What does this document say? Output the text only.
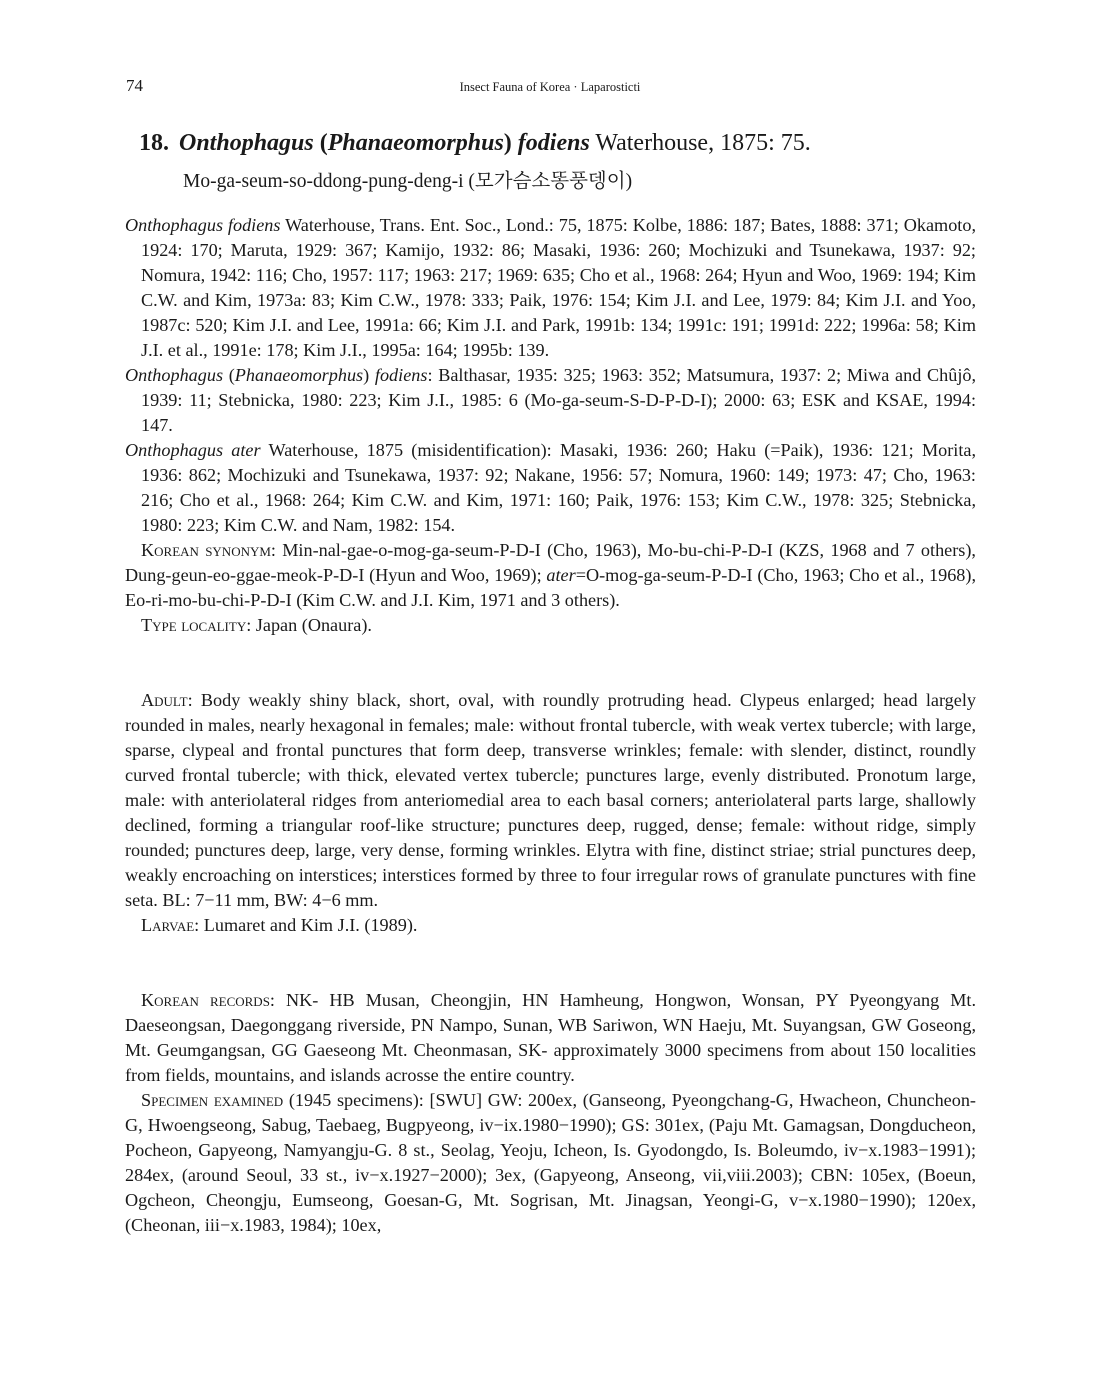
74	Insect Fauna of Korea · Laparosticti
18. Onthophagus (Phanaeomorphus) fodiens Waterhouse, 1875: 75.
Mo-ga-seum-so-ddong-pung-deng-i (모가슴소똥풍뎅이)

Onthophagus fodiens Waterhouse, Trans. Ent. Soc., Lond.: 75, 1875: Kolbe, 1886: 187; Bates, 1888: 371; Okamoto, 1924: 170; Maruta, 1929: 367; Kamijo, 1932: 86; Masaki, 1936: 260; Mochizuki and Tsunekawa, 1937: 92; Nomura, 1942: 116; Cho, 1957: 117; 1963: 217; 1969: 635; Cho et al., 1968: 264; Hyun and Woo, 1969: 194; Kim C.W. and Kim, 1973a: 83; Kim C.W., 1978: 333; Paik, 1976: 154; Kim J.I. and Lee, 1979: 84; Kim J.I. and Yoo, 1987c: 520; Kim J.I. and Lee, 1991a: 66; Kim J.I. and Park, 1991b: 134; 1991c: 191; 1991d: 222; 1996a: 58; Kim J.I. et al., 1991e: 178; Kim J.I., 1995a: 164; 1995b: 139.

Onthophagus (Phanaeomorphus) fodiens: Balthasar, 1935: 325; 1963: 352; Matsumura, 1937: 2; Miwa and Chûjô, 1939: 11; Stebnicka, 1980: 223; Kim J.I., 1985: 6 (Mo-ga-seum-S-D-P-D-I); 2000: 63; ESK and KSAE, 1994: 147.

Onthophagus ater Waterhouse, 1875 (misidentification): Masaki, 1936: 260; Haku (=Paik), 1936: 121; Morita, 1936: 862; Mochizuki and Tsunekawa, 1937: 92; Nakane, 1956: 57; Nomura, 1960: 149; 1973: 47; Cho, 1963: 216; Cho et al., 1968: 264; Kim C.W. and Kim, 1971: 160; Paik, 1976: 153; Kim C.W., 1978: 325; Stebnicka, 1980: 223; Kim C.W. and Nam, 1982: 154.

Korean synonym: Min-nal-gae-o-mog-ga-seum-P-D-I (Cho, 1963), Mo-bu-chi-P-D-I (KZS, 1968 and 7 others), Dung-geun-eo-ggae-meok-P-D-I (Hyun and Woo, 1969); ater=O-mog-ga-seum-P-D-I (Cho, 1963; Cho et al., 1968), Eo-ri-mo-bu-chi-P-D-I (Kim C.W. and J.I. Kim, 1971 and 3 others).

Type locality: Japan (Onaura).

Adult: Body weakly shiny black, short, oval, with roundly protruding head. Clypeus enlarged; head largely rounded in males, nearly hexagonal in females; male: without frontal tubercle, with weak vertex tubercle; with large, sparse, clypeal and frontal punctures that form deep, transverse wrinkles; female: with slender, distinct, roundly curved frontal tubercle; with thick, elevated vertex tubercle; punctures large, evenly distributed. Pronotum large, male: with anteriolateral ridges from anteriomedial area to each basal corners; anteriolateral parts large, shallowly declined, forming a triangular roof-like structure; punctures deep, rugged, dense; female: without ridge, simply rounded; punctures deep, large, very dense, forming wrinkles. Elytra with fine, distinct striae; strial punctures deep, weakly encroaching on interstices; interstices formed by three to four irregular rows of granulate punctures with fine seta. BL: 7−11 mm, BW: 4−6 mm.

Larvae: Lumaret and Kim J.I. (1989).

Korean records: NK- HB Musan, Cheongjin, HN Hamheung, Hongwon, Wonsan, PY Pyeongyang Mt. Daeseongsan, Daegonggang riverside, PN Nampo, Sunan, WB Sariwon, WN Haeju, Mt. Suyangsan, GW Goseong, Mt. Geumgangsan, GG Gaeseong Mt. Cheonmasan, SK- approximately 3000 specimens from about 150 localities from fields, mountains, and islands acrosse the entire country.

Specimen examined (1945 specimens): [SWU] GW: 200ex, (Ganseong, Pyeongchang-G, Hwacheon, Chuncheon-G, Hwoengseong, Sabug, Taebaeg, Bugpyeong, iv−ix.1980−1990); GS: 301ex, (Paju Mt. Gamagsan, Dongducheon, Pocheon, Gapyeong, Namyangju-G. 8 st., Seolag, Yeoju, Icheon, Is. Gyodongdo, Is. Boleumdo, iv−x.1983−1991); 284ex, (around Seoul, 33 st., iv−x.1927−2000); 3ex, (Gapyeong, Anseong, vii,viii.2003); CBN: 105ex, (Boeun, Ogcheon, Cheongju, Eumseong, Goesan-G, Mt. Sogrisan, Mt. Jinagsan, Yeongi-G, v−x.1980−1990); 120ex, (Cheonan, iii−x.1983, 1984); 10ex,
